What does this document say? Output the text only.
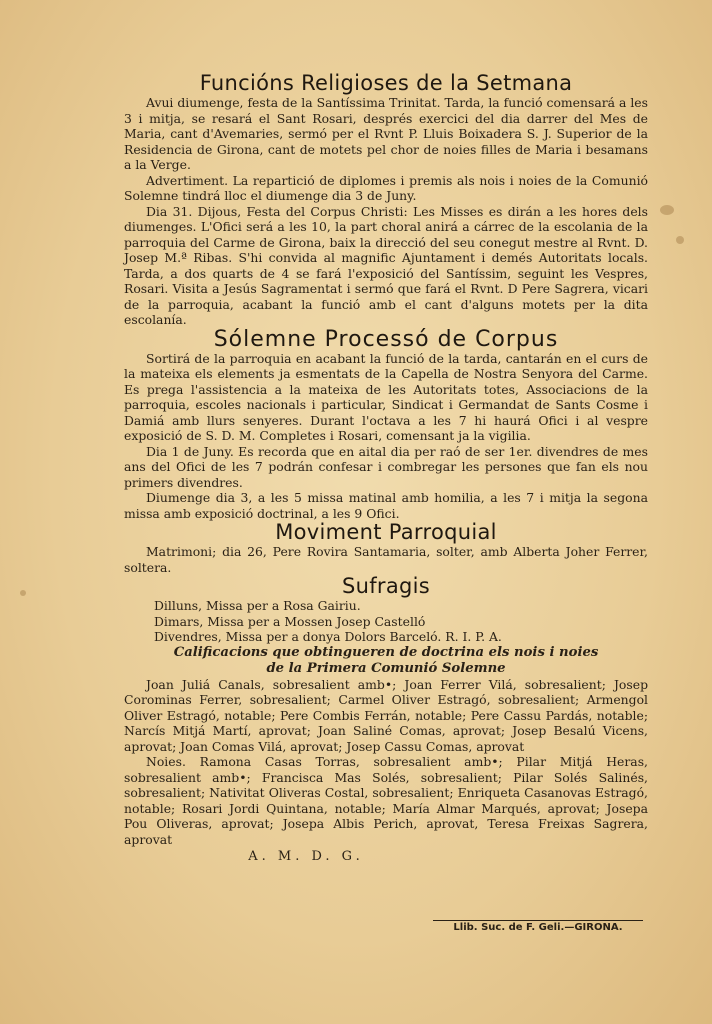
Funcións Religioses de la Setmana

Avui diumenge, festa de la Santíssima Trinitat. Tarda, la funció comensará a les 3 i mitja, se resará el Sant Rosari, després exercici del dia darrer del Mes de Maria, cant d'Avemaries, sermó per el Rvnt P. Lluis Boixadera S. J. Superior de la Residencia de Girona, cant de motets pel chor de noies filles de Maria i besamans a la Verge.

Advertiment. La repartició de diplomes i premis als nois i noies de la Comunió Solemne tindrá lloc el diumenge dia 3 de Juny.

Dia 31. Dijous, Festa del Corpus Christi: Les Misses es dirán a les hores dels diumenges. L'Ofici será a les 10, la part choral anirá a cárrec de la escolania de la parroquia del Carme de Girona, baix la direcció del seu conegut mestre al Rvnt. D. Josep M.ª Ribas. S'hi convida al magnific Ajuntament i demés Autoritats locals. Tarda, a dos quarts de 4 se fará l'exposició del Santíssim, seguint les Vespres, Rosari. Visita a Jesús Sagramentat i sermó que fará el Rvnt. D Pere Sagrera, vicari de la parroquia, acabant la funció amb el cant d'alguns motets per la dita escolanía.

Sólemne Processó de Corpus

Sortirá de la parroquia en acabant la funció de la tarda, cantarán en el curs de la mateixa els elements ja esmentats de la Capella de Nostra Senyora del Carme. Es prega l'assistencia a la mateixa de les Autoritats totes, Associacions de la parroquia, escoles nacionals i particular, Sindicat i Germandat de Sants Cosme i Damiá amb llurs senyeres. Durant l'octava a les 7 hi haurá Ofici i al vespre exposició de S. D. M. Completes i Rosari, comensant ja la vigilia.

Dia 1 de Juny. Es recorda que en aital dia per raó de ser 1er. divendres de mes ans del Ofici de les 7 podrán confesar i combregar les persones que fan els nou primers divendres.

Diumenge dia 3, a les 5 missa matinal amb homilia, a les 7 i mitja la segona missa amb exposició doctrinal, a les 9 Ofici.

Moviment Parroquial

Matrimoni; dia 26, Pere Rovira Santamaria, solter, amb Alberta Joher Ferrer, soltera.

Sufragis

Dilluns, Missa per a Rosa Gairiu.

Dimars, Missa per a Mossen Josep Castelló

Divendres, Missa per a donya Dolors Barceló. R. I. P. A.

Calificacions que obtingueren de doctrina els nois i noies
de la Primera Comunió Solemne

Joan Juliá Canals, sobresalient amb•; Joan Ferrer Vilá, sobresalient; Josep Corominas Ferrer, sobresalient; Carmel Oliver Estragó, sobresalient; Armengol Oliver Estragó, notable; Pere Combis Ferrán, notable; Pere Cassu Pardás, notable; Narcís Mitjá Martí, aprovat; Joan Saliné Comas, aprovat; Josep Besalú Vicens, aprovat; Joan Comas Vilá, aprovat; Josep Cassu Comas, aprovat

Noies. Ramona Casas Torras, sobresalient amb•; Pilar Mitjá Heras, sobresalient amb•; Francisca Mas Solés, sobresalient; Pilar Solés Salinés, sobresalient; Nativitat Oliveras Costal, sobresalient; Enriqueta Casanovas Estragó, notable; Rosari Jordi Quintana, notable; María Almar Marqués, aprovat; Josepa Pou Oliveras, aprovat; Josepa Albis Perich, aprovat, Teresa Freixas Sagrera, aprovat

A. M. D. G.
Llib. Suc. de F. Geli.—GIRONA.
